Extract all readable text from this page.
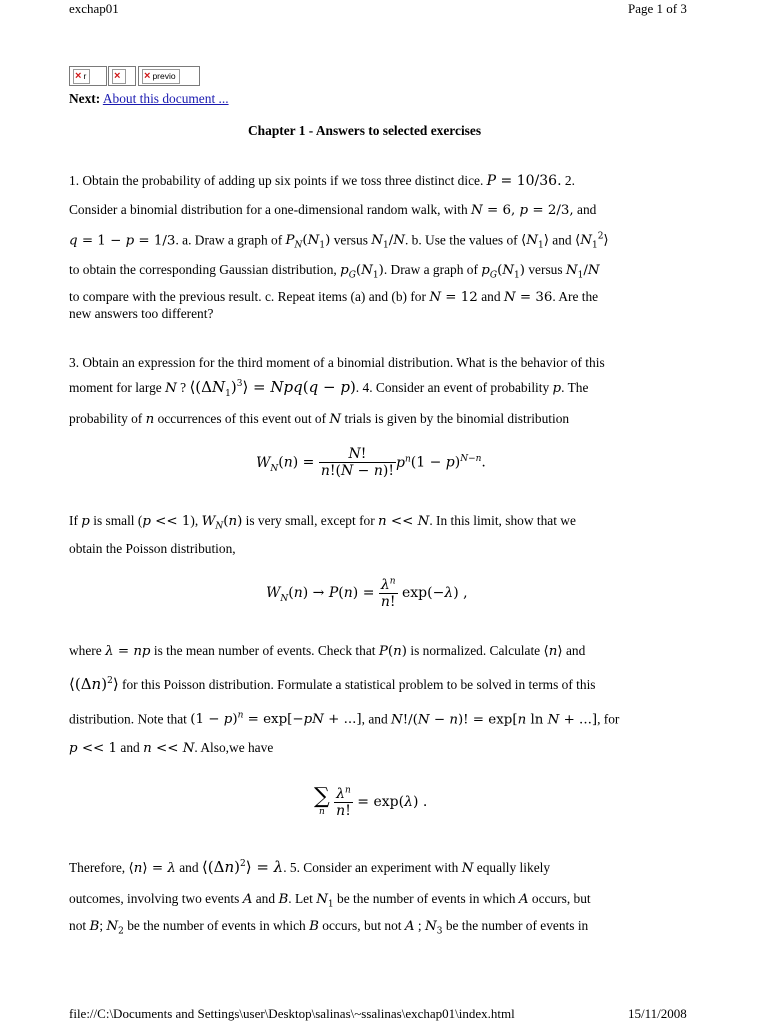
exchap01	Page 1 of 3
× r	× × previo
Next: About this document ...
Chapter 1 - Answers to selected exercises
1. Obtain the probability of adding up six points if we toss three distinct dice. P = 10/36. 2.
Consider a binomial distribution for a one-dimensional random walk, with N = 6, p = 2/3, and
q = 1 − p = 1/3. a. Draw a graph of $P_N(N_1)$ versus $N_1/N$. b. Use the values of $⟨N_1⟩$ and $⟨N_1^2⟩$
to obtain the corresponding Gaussian distribution, $p_G(N_1)$. Draw a graph of $p_G(N_1)$ versus $N_1/N$
to compare with the previous result. c. Repeat items (a) and (b) for N = 12 and N = 36. Are the
new answers too different?
3. Obtain an expression for the third moment of a binomial distribution. What is the behavior of this
moment for large N ? $⟨(\Delta N_1)^3⟩ = Npq(q - p)$. 4. Consider an event of probability p. The
probability of n occurrences of this event out of N trials is given by the binomial distribution
$W_N(n) = \frac{N!}{n!(N - n)!} p^n(1 - p)^{N-n}$.
If p is small (p << 1), $W_N(n)$ is very small, except for n << N. In this limit, show that we
obtain the Poisson distribution,
$W_N(n) \to P(n) = \frac{\lambda^n}{n!} \exp(-\lambda)$ ,
where λ = np is the mean number of events. Check that P(n) is normalized. Calculate ⟨n⟩ and
$⟨(\Delta n)^2⟩$ for this Poisson distribution. Formulate a statistical problem to be solved in terms of this
distribution. Note that $(1 - p)^n = \exp[-pN$ + ...], and N!/(N − n)! = exp[n ln N + ...], for
p << 1 and n << N. Also,we have
∑
n
$\frac{\lambda^n}{n!} = \exp(\lambda)$ .
Therefore, ⟨n⟩ = λ and $⟨(\Delta n)^2⟩ = \lambda$. 5. Consider an experiment with N equally likely
outcomes, involving two events A and B. Let $N_1$ be the number of events in which A occurs, but
not B; $N_2$ be the number of events in which B occurs, but not A ; $N_3$ be the number of events in
file://C:\Documents and Settings\user\Desktop\salinas\~ssalinas\exchap01\index.html	15/11/2008
